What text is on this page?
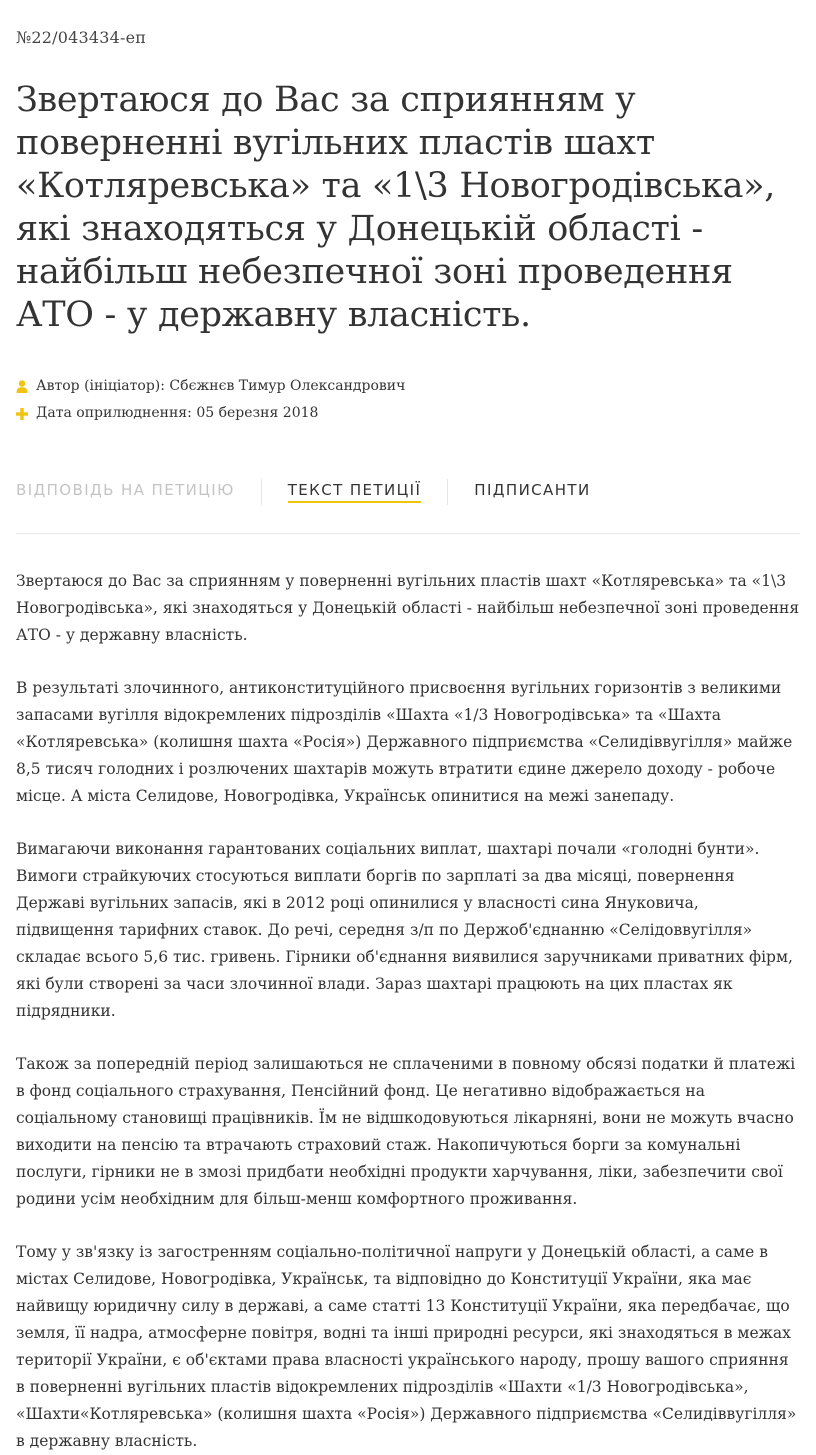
№22/043434-еп

Звертаюся до Вас за сприянням у поверненні вугільних пластів шахт «Котляревська» та «1\3 Новогродівська», які знаходяться у Донецькій області - найбільш небезпечної зоні проведення АТО - у державну власність.
Автор (ініціатор):
Сбєжнєв Тимур Олександрович
Дата оприлюднення:
05 березня 2018
ВІДПОВІДЬ НА ПЕТИЦІЮ	ТЕКСТ ПЕТИЦІЇ	ПІДПИСАНТИ

Звертаюся до Вас за сприянням у поверненні вугільних пластів шахт «Котляревська» та «1\3 Новогродівська», які знаходяться у Донецькій області - найбільш небезпечної зоні проведення АТО - у державну власність.

В результаті злочинного, антиконституційного присвоєння вугільних горизонтів з великими запасами вугілля відокремлених підрозділів «Шахта «1/3 Новогродівська» та «Шахта «Котляревська» (колишня шахта «Росія») Державного підприємства «Селидіввугілля» майже 8,5 тисяч голодних і розлючених шахтарів можуть втратити єдине джерело доходу - робоче місце. А міста Селидове, Новогродівка, Українськ опинитися на межі занепаду.

Вимагаючи виконання гарантованих соціальних виплат, шахтарі почали «голодні бунти». Вимоги страйкуючих стосуються виплати боргів по зарплаті за два місяці, повернення Державі вугільних запасів, які в 2012 році опинилися у власності сина Януковича, підвищення тарифних ставок. До речі, середня з/п по Держоб'єднанню «Селідоввугілля» складає всього 5,6 тис. гривень. Гірники об'єднання виявилися заручниками приватних фірм, які були створені за часи злочинної влади. Зараз шахтарі працюють на цих пластах як підрядники.

Також за попередній період залишаються не сплаченими в повному обсязі податки й платежі в фонд соціального страхування, Пенсійний фонд. Це негативно відображається на соціальному становищі працівників. Їм не відшкодовуються лікарняні, вони не можуть вчасно виходити на пенсію та втрачають страховий стаж. Накопичуються борги за комунальні послуги, гірники не в змозі придбати необхідні продукти харчування, ліки, забезпечити свої родини усім необхідним для більш-менш комфортного проживання.

Тому у зв'язку із загостренням соціально-політичної напруги у Донецькій області, а саме в містах Селидове, Новогродівка, Українськ, та відповідно до Конституції України, яка має найвищу юридичну силу в державі, а саме статті 13 Конституції України, яка передбачає, що земля, її надра, атмосферне повітря, водні та інші природні ресурси, які знаходяться в межах території України, є об'єктами права власності українського народу, прошу вашого сприяння в поверненні вугільних пластів відокремлених підрозділів «Шахти «1/3 Новогродівська», «Шахти«Котляревська» (колишня шахта «Росія») Державного підприємства «Селидіввугілля» в державну власність.
